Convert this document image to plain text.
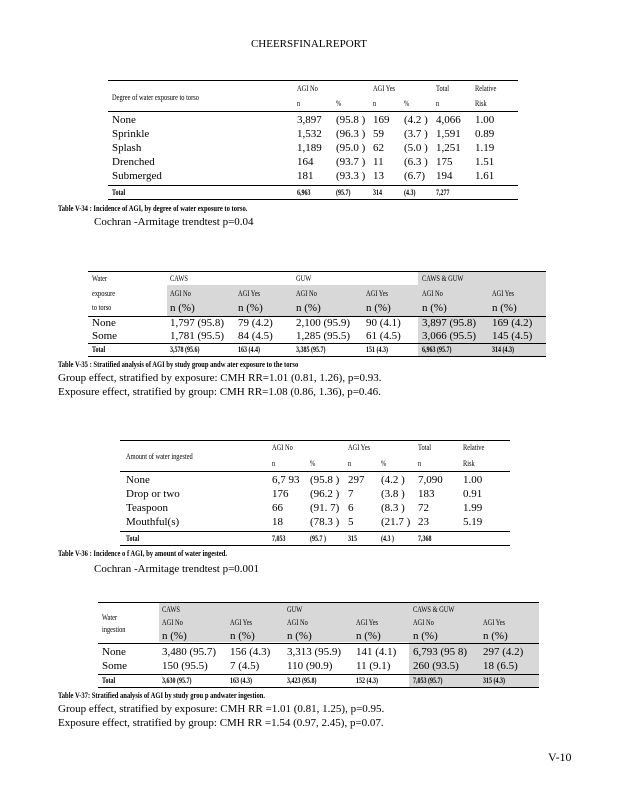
CHEERSFINALREPORT
AGI No	AGI Yes	Total	Relative
Degree of water exposure to torso
n	%	n	%	n	Risk
None	3,897 (95.8 ) 169 (4.2 ) 4,066 1.00
Sprinkle	1,532 (96.3 ) 59 (3.7 ) 1,591 0.89
Splash	1,189 (95.0 ) 62 (5.0 ) 1,251 1.19
Drenched	164 (93.7 ) 11 (6.3 ) 175 1.51
Submerged	181 (93.3 ) 13 (6.7) 194 1.61
Total	6,963	(95.7)	314	(4.3)	7,277
Table V-34 : Incidence of AGI, by degree of water exposure to torso.
Cochran -Armitage trendtest p=0.04
Water
exposure
to torso
CAWS	GUW	CAWS & GUW
AGI No	AGI Yes	AGI No	AGI Yes	AGI No	AGI Yes
n (%)	n (%)	n (%)	n (%)	n (%)	n (%)
None	1,797 (95.8) 79 (4.2) 2,100 (95.9) 90 (4.1) 3,897 (95.8) 169 (4.2)
Some	1,781 (95.5) 84 (4.5) 1,285 (95.5) 61 (4.5) 3,066 (95.5) 145 (4.5)
Total	3,578 (95.6)	163 (4.4)	3,385 (95.7)	151 (4.3)	6,963 (95.7)	314 (4.3)
Table V-35 : Stratified analysis of AGI by study group andw ater exposure to the torso
Group effect, stratified by exposure: CMH RR=1.01 (0.81, 1.26), p=0.93.
Exposure effect, stratified by group: CMH RR=1.08 (0.86, 1.36), p=0.46.
AGI No	AGI Yes	Total	Relative
Amount of water ingested
n	%	n	%	n	Risk
None	6,7 93 (95.8 ) 297 (4.2 ) 7,090 1.00
Drop or two	176 (96.2 ) 7	(3.8 ) 183	0.91
Teaspoon	66 (91. 7) 6	(8.3 ) 72	1.99
Mouthful(s)	18 (78.3 ) 5	(21.7 ) 23	5.19
Total	7,053	(95.7 )	315	(4.3 )	7,368
Table V-36 : Incidence o f AGI, by amount of water ingested.
Cochran -Armitage trendtest p=0.001
Water
ingestion
CAWS	GUW	CAWS & GUW
AGI No	AGI Yes	AGI No	AGI Yes	AGI No	AGI Yes
n (%)	n (%)	n (%)	n (%)	n (%)	n (%)
None	3,480 (95.7) 156 (4.3) 3,313 (95.9) 141 (4.1) 6,793 (95 8) 297 (4.2)
Some	150 (95.5) 7 (4.5)	110 (90.9) 11 (9.1) 260 (93.5) 18 (6.5)
Total	3,630 (95.7)	163 (4.3)	3,423 (95.8)	152 (4.3)	7,053 (95.7)	315 (4.3)
Table V-37: Stratified analysis of AGI by study grou p andwater ingestion.
Group effect, stratified by exposure: CMH RR =1.01 (0.81, 1.25), p=0.95.
Exposure effect, stratified by group: CMH RR =1.54 (0.97, 2.45), p=0.07.
V-10
